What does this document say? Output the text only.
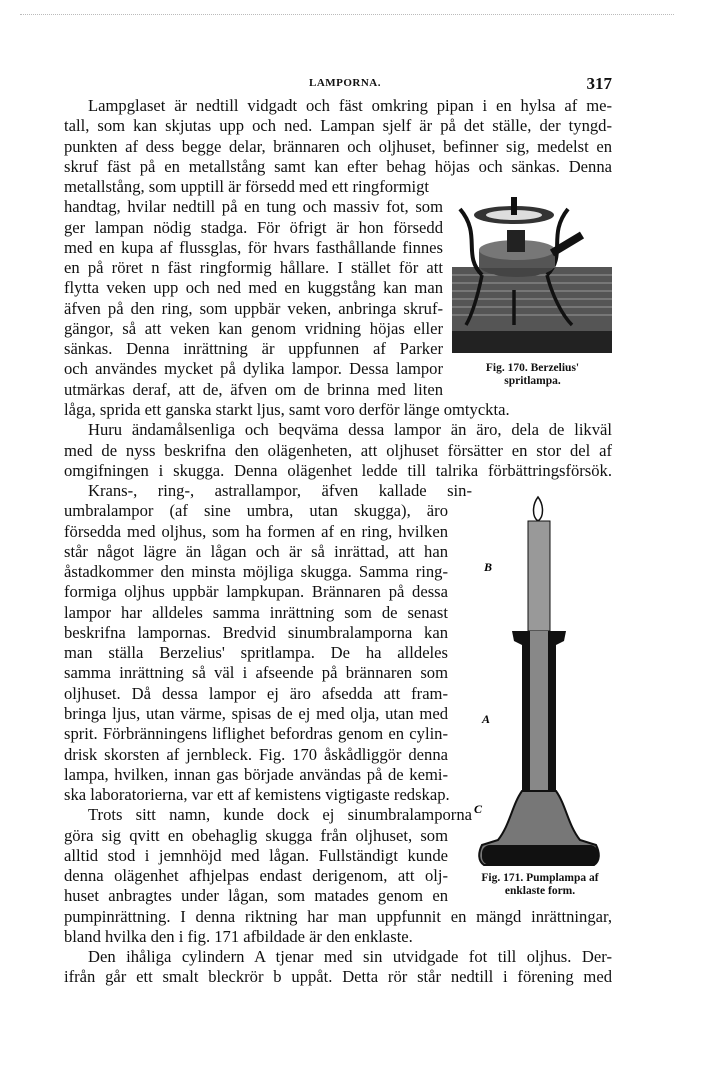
LAMPORNA.	317
Lampglaset är nedtill vidgadt och fäst omkring pipan i en hylsa af me-
tall, som kan skjutas upp och ned. Lampan sjelf är på det ställe, der tyngd-
punkten af dess begge delar, brännaren och oljhuset, befinner sig, medelst en
skruf fäst på en metallstång samt kan efter behag höjas och sänkas. Denna
metallstång, som upptill är försedd med ett ringformigt
handtag, hvilar nedtill på en tung och massiv fot, som
ger lampan nödig stadga. För öfrigt är hon försedd
med en kupa af flussglas, för hvars fasthållande finnes
en på röret n fäst ringformig hållare. I stället för att
flytta veken upp och ned med en kuggstång kan man
äfven på den ring, som uppbär veken, anbringa skruf-
gängor, så att veken kan genom vridning höjas eller
sänkas. Denna inrättning är uppfunnen af Parker
och användes mycket på dylika lampor. Dessa lampor
utmärkas deraf, att de, äfven om de brinna med liten
låga, sprida ett ganska starkt ljus, samt voro derför länge omtyckta.
Huru ändamålsenliga och beqväma dessa lampor än äro, dela de likväl
med de nyss beskrifna den olägenheten, att oljhuset försätter en stor del af
omgifningen i skugga. Denna olägenhet ledde till talrika förbättringsförsök.
Krans-, ring-, astrallampor, äfven kallade sin-
umbralampor (af sine umbra, utan skugga), äro
försedda med oljhus, som ha formen af en ring, hvilken
står något lägre än lågan och är så inrättad, att han
åstadkommer den minsta möjliga skugga. Samma ring-
formiga oljhus uppbär lampkupan. Brännaren på dessa
lampor har alldeles samma inrättning som de senast
beskrifna lampornas. Bredvid sinumbralamporna kan
man ställa Berzelius' spritlampa. De ha alldeles
samma inrättning så väl i afseende på brännaren som
oljhuset. Då dessa lampor ej äro afsedda att fram-
bringa ljus, utan värme, spisas de ej med olja, utan med
sprit. Förbränningens liflighet befordras genom en cylin-
drisk skorsten af jernbleck. Fig. 170 åskådliggör denna
lampa, hvilken, innan gas började användas på de kemi-
ska laboratorierna, var ett af kemistens vigtigaste redskap.
Trots sitt namn, kunde dock ej sinumbralamporna
göra sig qvitt en obehaglig skugga från oljhuset, som
alltid stod i jemnhöjd med lågan. Fullständigt kunde
denna olägenhet afhjelpas endast derigenom, att olj-
huset anbragtes under lågan, som matades genom en
pumpinrättning. I denna riktning har man uppfunnit en mängd inrättningar,
bland hvilka den i fig. 171 afbildade är den enklaste.
Den ihåliga cylindern A tjenar med sin utvidgade fot till oljhus. Der-
ifrån går ett smalt bleckrör b uppåt. Detta rör står nedtill i förening med
Fig. 170. Berzelius'
spritlampa.
B
A
C
Fig. 171. Pumplampa af
enklaste form.
